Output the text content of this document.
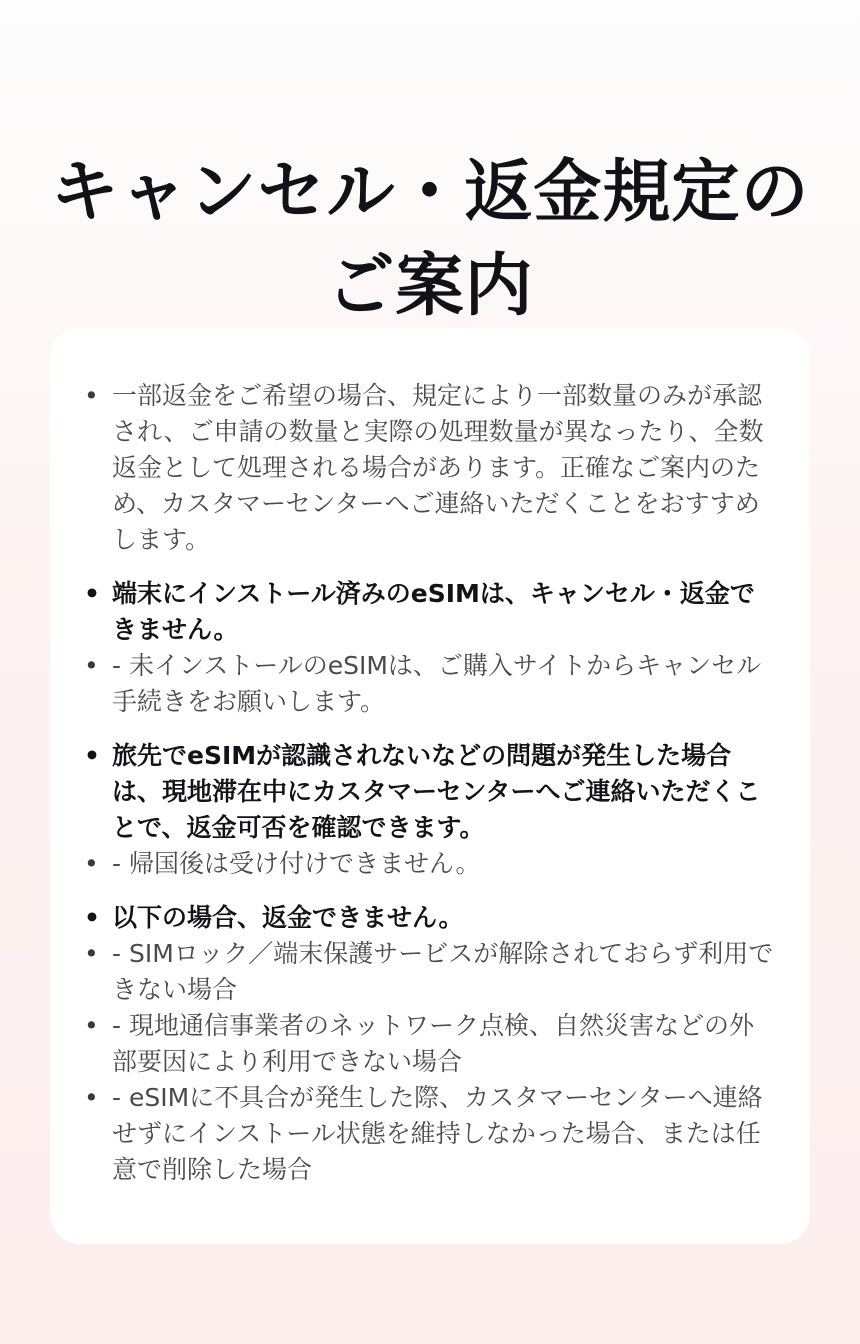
キャンセル・返金規定の
ご案内
• 一部返金をご希望の場合、規定により一部数量のみが承認され、ご申請の数量と実際の処理数量が異なったり、全数返金として処理される場合があります。正確なご案内のため、カスタマーセンターへご連絡いただくことをおすすめします。
• 端末にインストール済みのeSIMは、キャンセル・返金できません。
• - 未インストールのeSIMは、ご購入サイトからキャンセル手続きをお願いします。
• 旅先でeSIMが認識されないなどの問題が発生した場合は、現地滞在中にカスタマーセンターへご連絡いただくことで、返金可否を確認できます。
• - 帰国後は受け付けできません。
• 以下の場合、返金できません。
• - SIMロック／端末保護サービスが解除されておらず利用できない場合
• - 現地通信事業者のネットワーク点検、自然災害などの外部要因により利用できない場合
• - eSIMに不具合が発生した際、カスタマーセンターへ連絡せずにインストール状態を維持しなかった場合、または任意で削除した場合
